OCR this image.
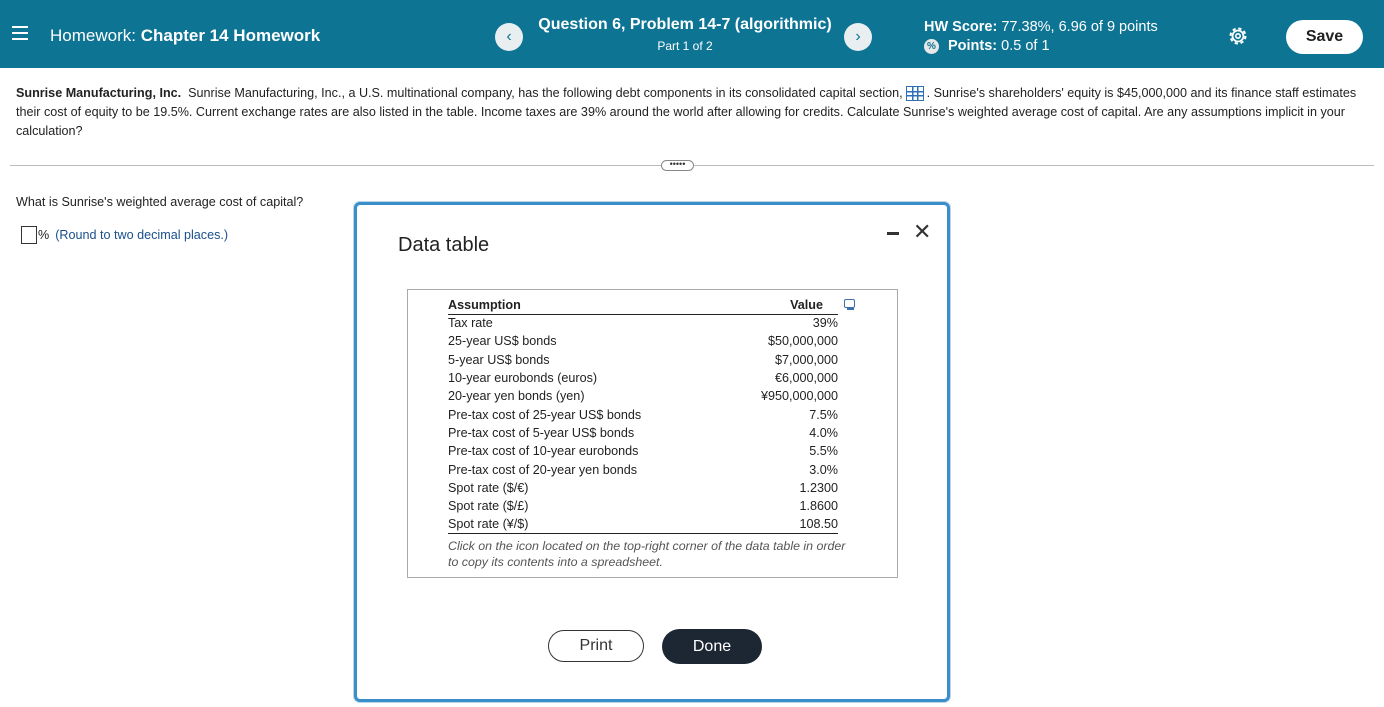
Homework: Chapter 14 Homework	‹
Question 6, Problem 14-7 (algorithmic)
Part 1 of 2
›
HW Score: 77.38%, 6.96 of 9 points
% Points:
0.5 of 1
Save
Sunrise Manufacturing, Inc. Sunrise Manufacturing, Inc., a U.S. multinational company, has the following debt components in its consolidated capital section, . Sunrise's shareholders' equity is $45,000,000 and its finance staff estimates their cost of equity to be 19.5%. Current exchange rates are also listed in the table. Income taxes are 39% around the world after allowing for credits. Calculate Sunrise's weighted average cost of capital. Are any assumptions implicit in your calculation?
•••••
What is Sunrise's weighted average cost of capital?
% (Round to two decimal places.)	Data table
✕
Assumption	Value
Tax rate	39%
25-year US$ bonds	$50,000,000
5-year US$ bonds	$7,000,000
10-year eurobonds (euros)	€6,000,000
20-year yen bonds (yen)	¥950,000,000
Pre-tax cost of 25-year US$ bonds	7.5%
Pre-tax cost of 5-year US$ bonds	4.0%
Pre-tax cost of 10-year eurobonds	5.5%
Pre-tax cost of 20-year yen bonds	3.0%
Spot rate ($/€)	1.2300
Spot rate ($/£)	1.8600
Spot rate (¥/$)	108.50
Click on the icon located on the top-right corner of the data table in order to copy its contents into a spreadsheet.
Print	Done
